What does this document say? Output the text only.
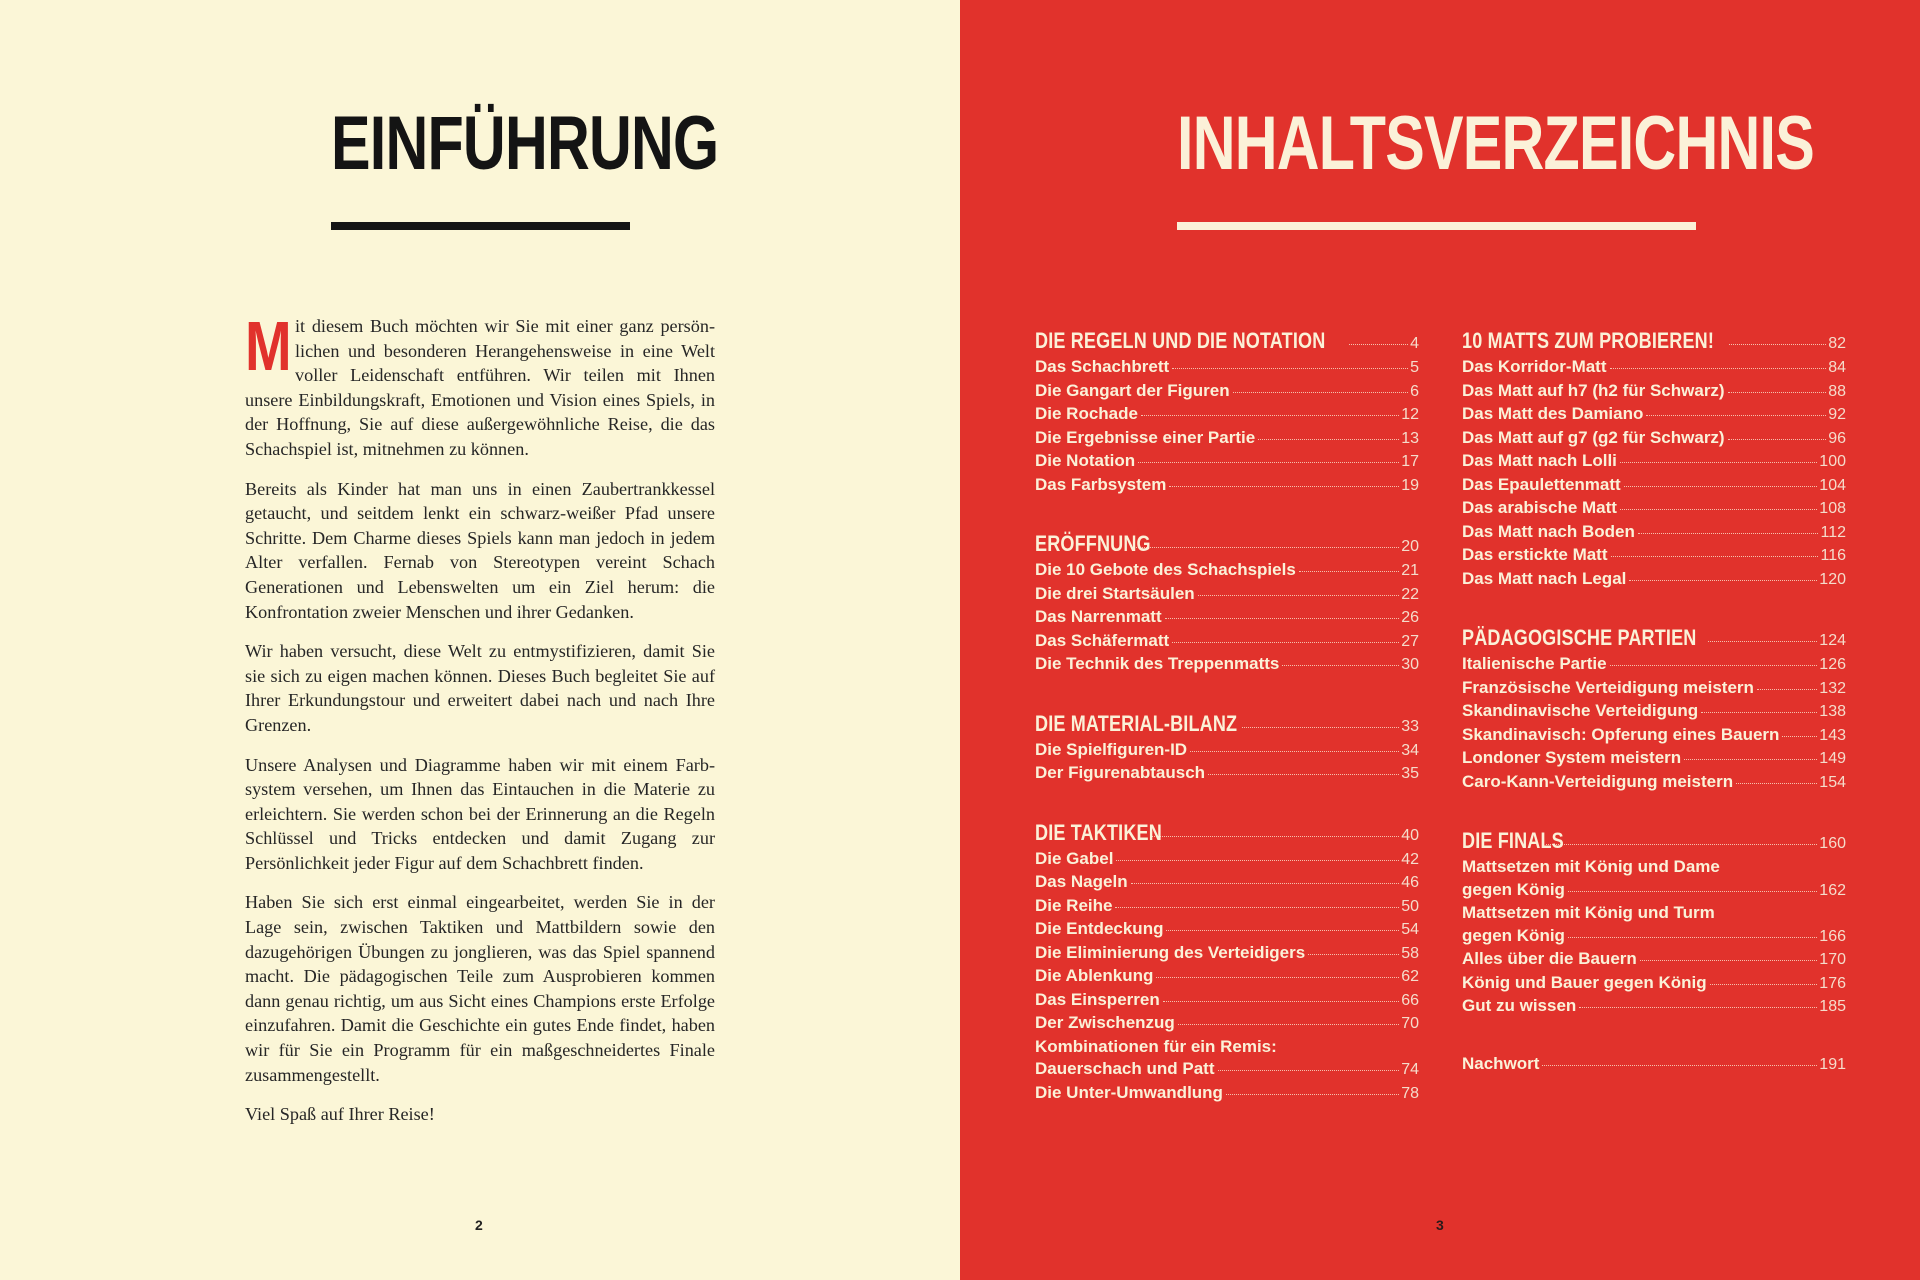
EINFÜHRUNG

Mit diesem Buch möchten wir Sie mit einer ganz persönlichen und besonderen Herangehensweise in eine Welt voller Leidenschaft entführen. Wir teilen mit Ihnen unsere Einbildungskraft, Emotionen und Vision eines Spiels, in der Hoffnung, Sie auf diese außergewöhnliche Reise, die das Schachspiel ist, mitnehmen zu können.

Bereits als Kinder hat man uns in einen Zaubertrankkessel getaucht, und seitdem lenkt ein schwarz-weißer Pfad unsere Schritte. Dem Charme dieses Spiels kann man jedoch in jedem Alter verfallen. Fernab von Stereotypen vereint Schach Generationen und Lebenswelten um ein Ziel herum: die Konfrontation zweier Menschen und ihrer Gedanken.

Wir haben versucht, diese Welt zu entmystifizieren, damit Sie sie sich zu eigen machen können. Dieses Buch begleitet Sie auf Ihrer Erkundungstour und erweitert dabei nach und nach Ihre Grenzen.

Unsere Analysen und Diagramme haben wir mit einem Farbsystem versehen, um Ihnen das Eintauchen in die Materie zu erleichtern. Sie werden schon bei der Erinnerung an die Regeln Schlüssel und Tricks entdecken und damit Zugang zur Persönlichkeit jeder Figur auf dem Schachbrett finden.

Haben Sie sich erst einmal eingearbeitet, werden Sie in der Lage sein, zwischen Taktiken und Mattbildern sowie den dazugehörigen Übungen zu jonglieren, was das Spiel spannend macht. Die pädagogischen Teile zum Ausprobieren kommen dann genau richtig, um aus Sicht eines Champions erste Erfolge einzufahren. Damit die Geschichte ein gutes Ende findet, haben wir für Sie ein Programm für ein maßgeschneidertes Finale zusammengestellt.

Viel Spaß auf Ihrer Reise!

2
INHALTSVERZEICHNIS
DIE REGELN UND DIE NOTATION	4
Das Schachbrett	5
Die Gangart der Figuren	6
Die Rochade	12
Die Ergebnisse einer Partie	13
Die Notation	17
Das Farbsystem	19
ERÖFFNUNG	20
Die 10 Gebote des Schachspiels	21
Die drei Startsäulen	22
Das Narrenmatt	26
Das Schäfermatt	27
Die Technik des Treppenmatts	30
DIE MATERIAL-BILANZ	33
Die Spielfiguren-ID	34
Der Figurenabtausch	35
DIE TAKTIKEN	40
Die Gabel	42
Das Nageln	46
Die Reihe	50
Die Entdeckung	54
Die Eliminierung des Verteidigers	58
Die Ablenkung	62
Das Einsperren	66
Der Zwischenzug	70
Kombinationen für ein Remis:
Dauerschach und Patt	74
Die Unter-Umwandlung	78
10 MATTS ZUM PROBIEREN!	82
Das Korridor-Matt	84
Das Matt auf h7 (h2 für Schwarz)	88
Das Matt des Damiano	92
Das Matt auf g7 (g2 für Schwarz)	96
Das Matt nach Lolli	100
Das Epaulettenmatt	104
Das arabische Matt	108
Das Matt nach Boden	112
Das erstickte Matt	116
Das Matt nach Legal	120
PÄDAGOGISCHE PARTIEN	124
Italienische Partie	126
Französische Verteidigung meistern	132
Skandinavische Verteidigung	138
Skandinavisch: Opferung eines Bauern 143
Londoner System meistern	149
Caro-Kann-Verteidigung meistern	154
DIE FINALS	160
Mattsetzen mit König und Dame
gegen König	162
Mattsetzen mit König und Turm
gegen König	166
Alles über die Bauern	170
König und Bauer gegen König	176
Gut zu wissen	185
Nachwort	191
3
